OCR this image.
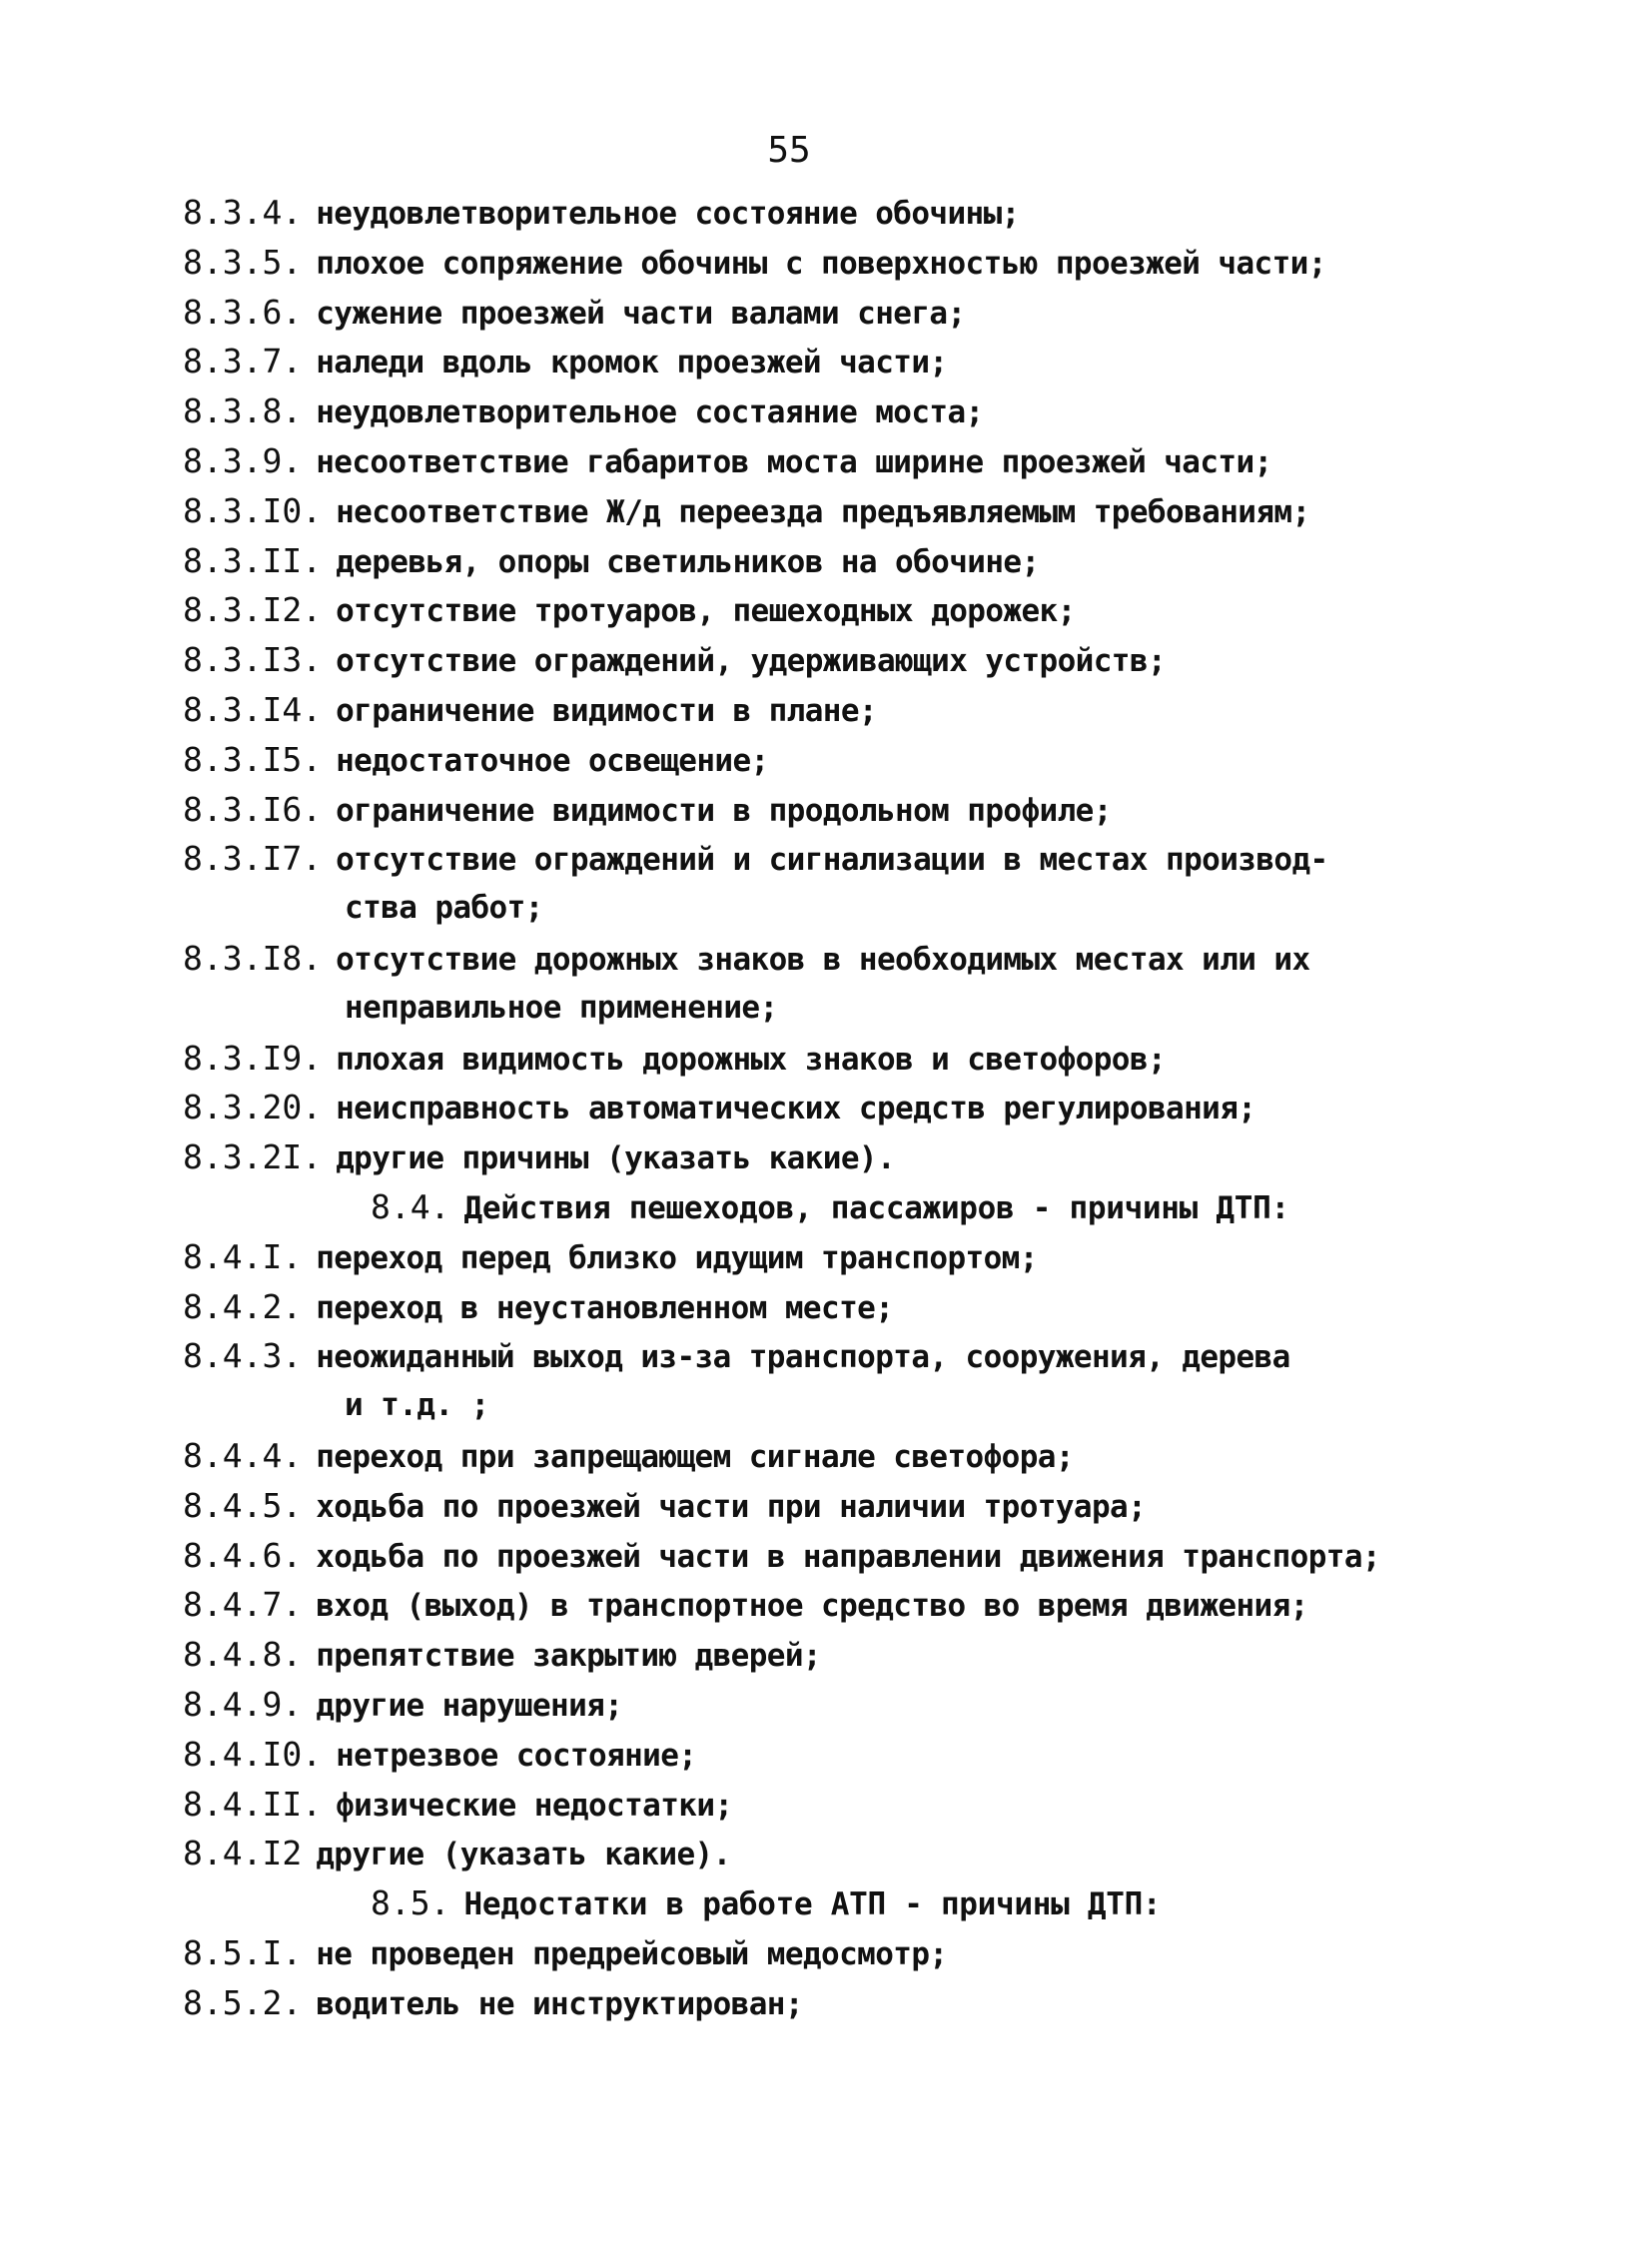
55
8.3.4. неудовлетворительное состояние обочины;
8.3.5. плохое сопряжение обочины с поверхностью проезжей части;
8.3.6. сужение проезжей части валами снега;
8.3.7. наледи вдоль кромок проезжей части;
8.3.8. неудовлетворительное состаяние моста;
8.3.9. несоответствие габаритов моста ширине проезжей части;
8.3.I0. несоответствие Ж/д переезда предъявляемым требованиям;
8.3.II. деревья, опоры светильников на обочине;
8.3.I2. отсутствие тротуаров, пешеходных дорожек;
8.3.I3. отсутствие ограждений, удерживающих устройств;
8.3.I4. ограничение видимости в плане;
8.3.I5. недостаточное освещение;
8.3.I6. ограничение видимости в продольном профиле;
8.3.I7. отсутствие ограждений и сигнализации в местах производ-
ства работ;
8.3.I8. отсутствие дорожных знаков в необходимых местах или их
неправильное применение;
8.3.I9. плохая видимость дорожных знаков и светофоров;
8.3.20. неисправность автоматических средств регулирования;
8.3.2I. другие причины (указать какие).
8.4. Действия пешеходов, пассажиров - причины ДТП:
8.4.I. переход перед близко идущим транспортом;
8.4.2. переход в неустановленном месте;
8.4.3. неожиданный выход из-за транспорта, сооружения, дерева
и т.д. ;
8.4.4. переход при запрещающем сигнале светофора;
8.4.5. ходьба по проезжей части при наличии тротуара;
8.4.6. ходьба по проезжей части в направлении движения транспорта;
8.4.7. вход (выход) в транспортное средство во время движения;
8.4.8. препятствие закрытию дверей;
8.4.9. другие нарушения;
8.4.I0. нетрезвое состояние;
8.4.II. физические недостатки;
8.4.I2 другие (указать какие).
8.5. Недостатки в работе АТП - причины ДТП:
8.5.I. не проведен предрейсовый медосмотр;
8.5.2. водитель не инструктирован;
